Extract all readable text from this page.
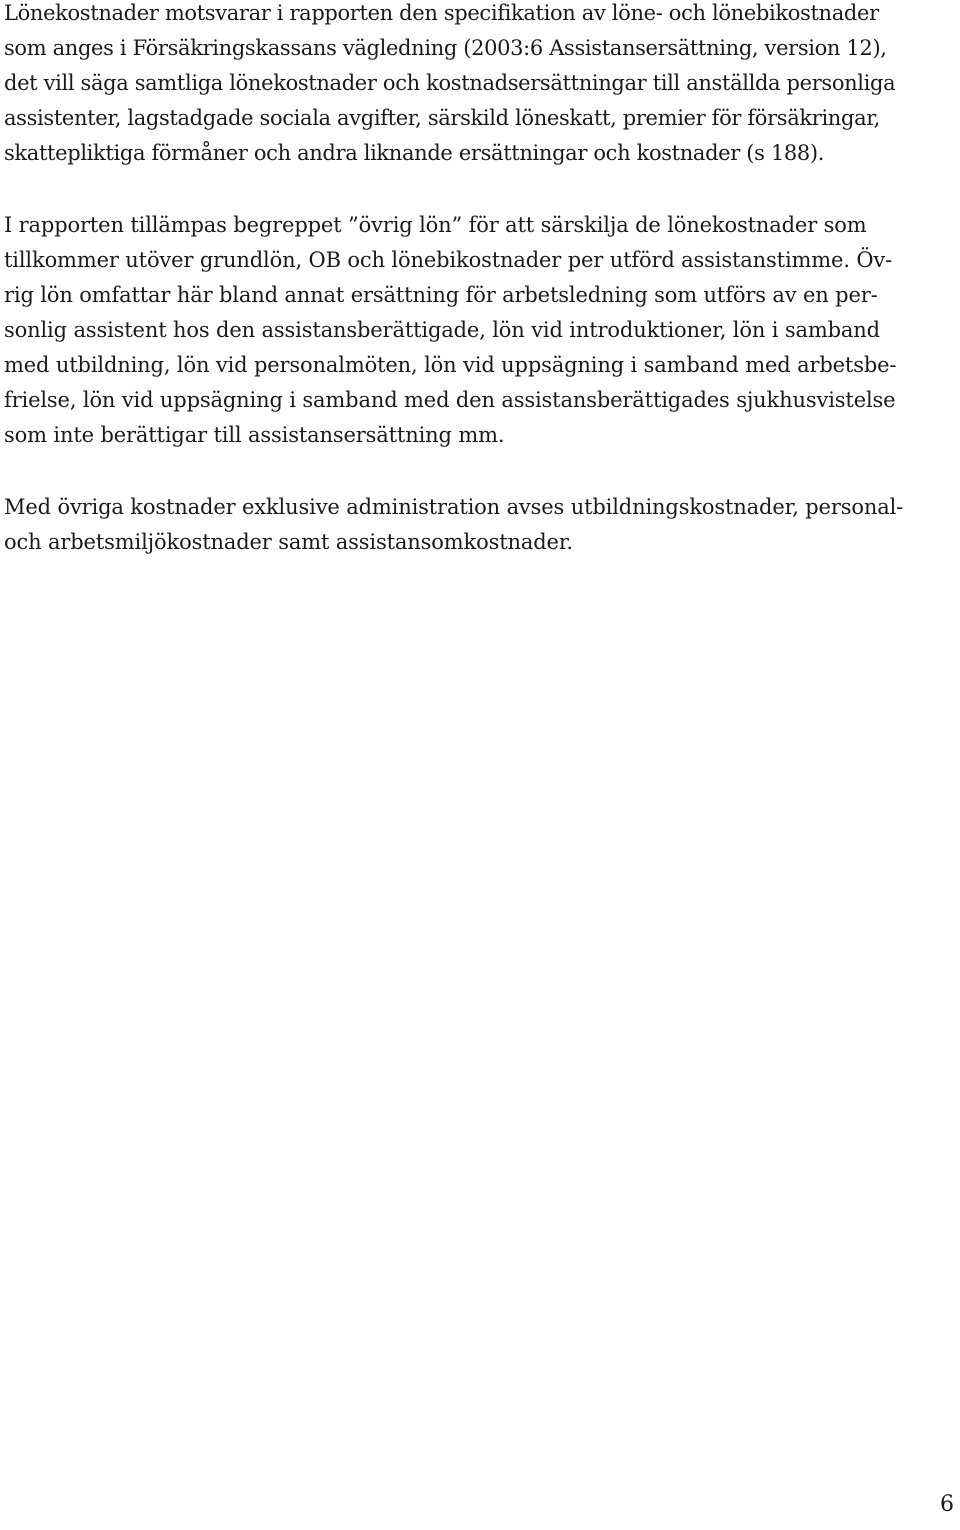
Lönekostnader motsvarar i rapporten den specifikation av löne- och lönebikostnader
som anges i Försäkringskassans vägledning (2003:6 Assistansersättning, version 12),
det vill säga samtliga lönekostnader och kostnadsersättningar till anställda personliga
assistenter, lagstadgade sociala avgifter, särskild löneskatt, premier för försäkringar,
skattepliktiga förmåner och andra liknande ersättningar och kostnader (s 188).

I rapporten tillämpas begreppet ”övrig lön” för att särskilja de lönekostnader som
tillkommer utöver grundlön, OB och lönebikostnader per utförd assistanstimme. Öv-
rig lön omfattar här bland annat ersättning för arbetsledning som utförs av en per-
sonlig assistent hos den assistansberättigade, lön vid introduktioner, lön i samband
med utbildning, lön vid personalmöten, lön vid uppsägning i samband med arbetsbe-
frielse, lön vid uppsägning i samband med den assistansberättigades sjukhusvistelse
som inte berättigar till assistansersättning mm.

Med övriga kostnader exklusive administration avses utbildningskostnader, personal-
och arbetsmiljökostnader samt assistansomkostnader.

6
